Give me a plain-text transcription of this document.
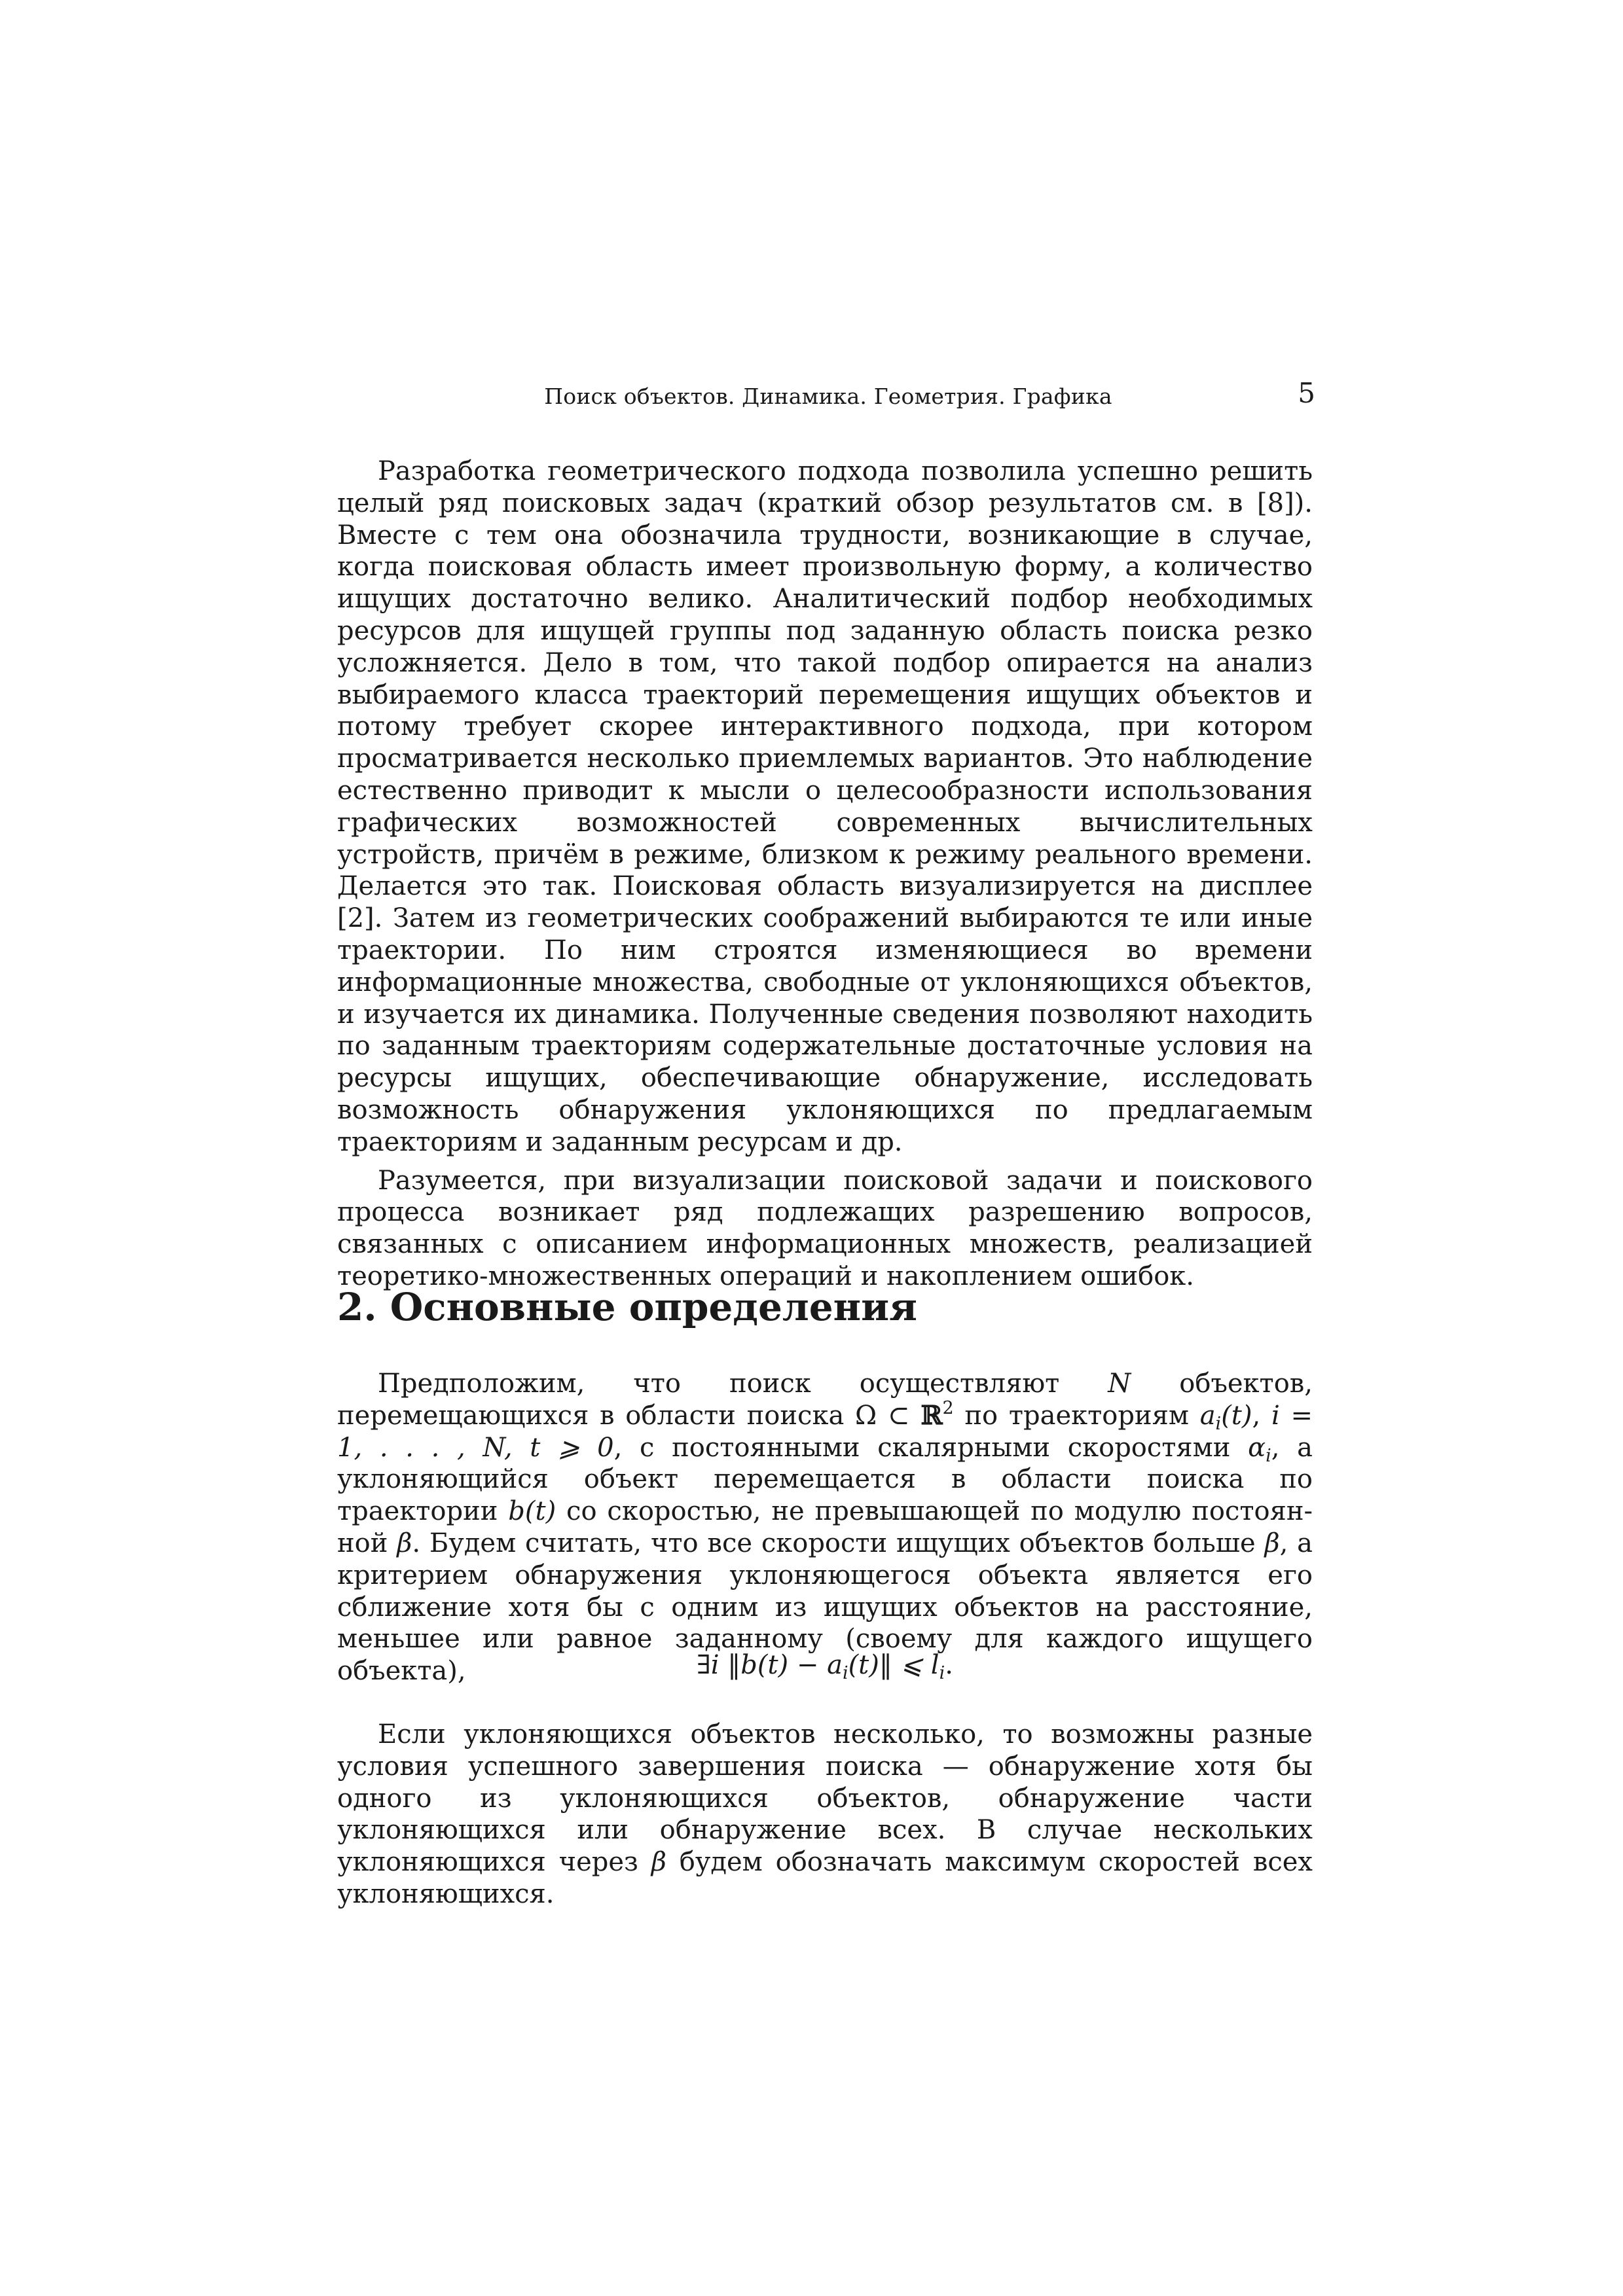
Поиск объектов. Динамика. Геометрия. Графика	5

Разработка геометрического подхода позволила успешно решить целый ряд поисковых задач (краткий обзор результатов см. в [8]). Вместе с тем она обозначила трудности, возникающие в случае, когда поисковая область имеет произвольную форму, а количество ищущих достаточно велико. Аналитический подбор необходимых ресурсов для ищущей группы под заданную область поиска резко усложняется. Дело в том, что такой подбор опирается на анализ выбираемого класса траекторий перемещения ищущих объектов и потому требует скорее интерактивного подхода, при котором просматривается несколько приемлемых вариантов. Это наблюдение естественно приводит к мысли о целесообразности использования графических возможностей современных вычислительных устройств, причём в режиме, близком к режиму реального времени. Делается это так. Поисковая область визуализируется на дисплее [2]. Затем из геометрических соображений выбираются те или иные траектории. По ним строятся изменяющиеся во времени информационные множества, свободные от уклоняющихся объектов, и изучается их динамика. Полученные сведения позволяют находить по заданным траекториям содержательные достаточные условия на ресурсы ищущих, обеспечивающие обнаружение, исследовать возможность обнаружения уклоняющихся по предлагаемым траекториям и заданным ресурсам и др.

Разумеется, при визуализации поисковой задачи и поискового процесса возникает ряд подлежащих разрешению вопросов, связанных с описанием информационных множеств, реализацией теоретико-множественных операций и накоплением ошибок.

2. Основные определения

Предположим, что поиск осуществляют N объектов, перемещающихся в области поиска Ω ⊂ ℝ$^2$ по траекториям $a_i(t)$, i = 1, . . . , N, t ⩾ 0, с постоянными скалярными скоростями $\alpha_i$, а уклоняющийся объект перемещается в области поиска по траектории b(t) со скоростью, не превышающей по модулю постоянной β. Будем считать, что все скорости ищущих объектов больше β, а критерием обнаружения уклоняющегося объекта является его сближение хотя бы с одним из ищущих объектов на расстояние, меньшее или равное заданному (своему для каждого ищущего объекта),	∃i ‖b(t) − $a_i(t)‖$ ⩽ $l_i$.

Если уклоняющихся объектов несколько, то возможны разные условия успешного завершения поиска — обнаружение хотя бы одного из уклоняющихся объектов, обнаружение части уклоняющихся или обнаружение всех. В случае нескольких уклоняющихся через β будем обозначать максимум скоростей всех уклоняющихся.
